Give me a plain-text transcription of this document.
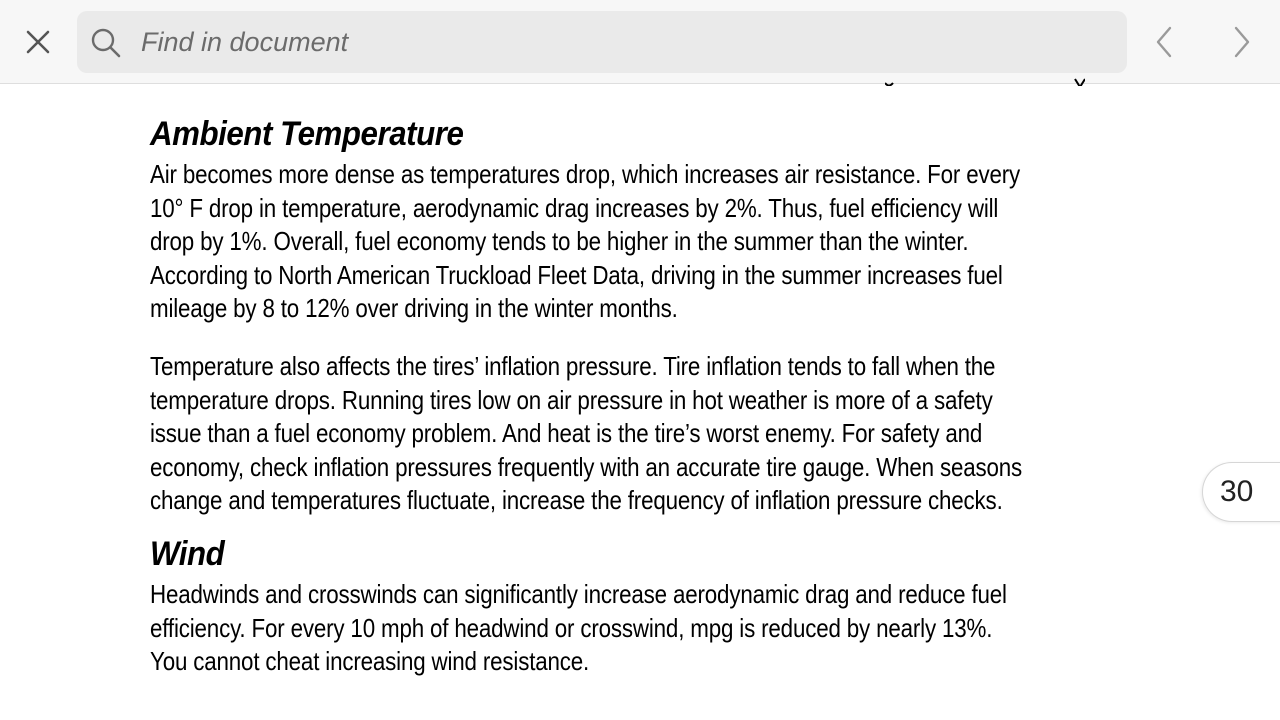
Find in document
Ambient Temperature

Air becomes more dense as temperatures drop, which increases air resistance. For every
10° F drop in temperature, aerodynamic drag increases by 2%. Thus, fuel efficiency will
drop by 1%. Overall, fuel economy tends to be higher in the summer than the winter.
According to North American Truckload Fleet Data, driving in the summer increases fuel
mileage by 8 to 12% over driving in the winter months.

Temperature also affects the tires’ inflation pressure. Tire inflation tends to fall when the
temperature drops. Running tires low on air pressure in hot weather is more of a safety
issue than a fuel economy problem. And heat is the tire’s worst enemy. For safety and
economy, check inflation pressures frequently with an accurate tire gauge. When seasons
change and temperatures fluctuate, increase the frequency of inflation pressure checks.

Wind

Headwinds and crosswinds can significantly increase aerodynamic drag and reduce fuel
efficiency. For every 10 mph of headwind or crosswind, mpg is reduced by nearly 13%.
You cannot cheat increasing wind resistance.

30
